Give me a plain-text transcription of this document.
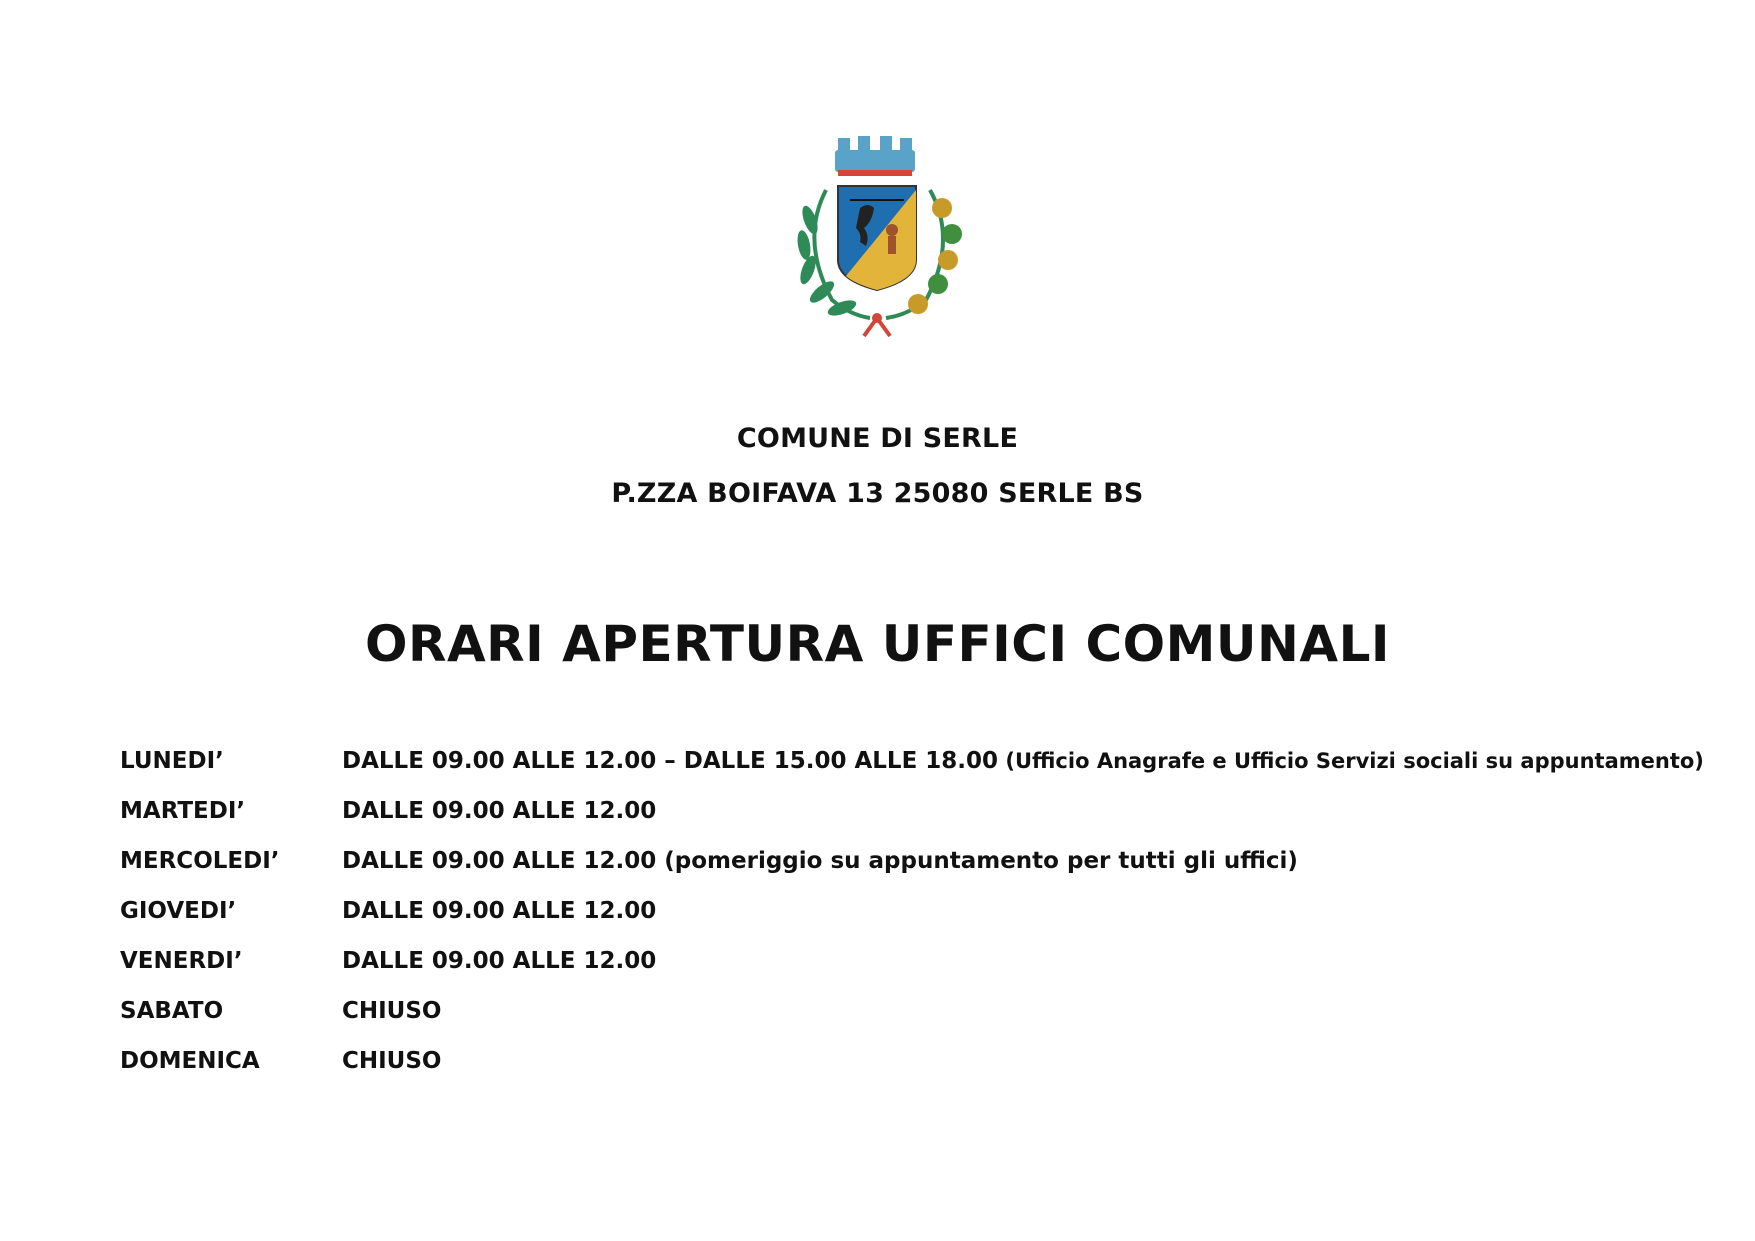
COMUNE DI SERLE
P.ZZA BOIFAVA 13 25080 SERLE BS
ORARI APERTURA UFFICI COMUNALI
LUNEDI’	DALLE 09.00 ALLE 12.00 – DALLE 15.00 ALLE 18.00 (Ufficio Anagrafe e Ufficio Servizi sociali su appuntamento)
MARTEDI’	DALLE 09.00 ALLE 12.00
MERCOLEDI’	DALLE 09.00 ALLE 12.00 (pomeriggio su appuntamento per tutti gli uffici)
GIOVEDI’	DALLE 09.00 ALLE 12.00
VENERDI’	DALLE 09.00 ALLE 12.00
SABATO	CHIUSO
DOMENICA	CHIUSO
